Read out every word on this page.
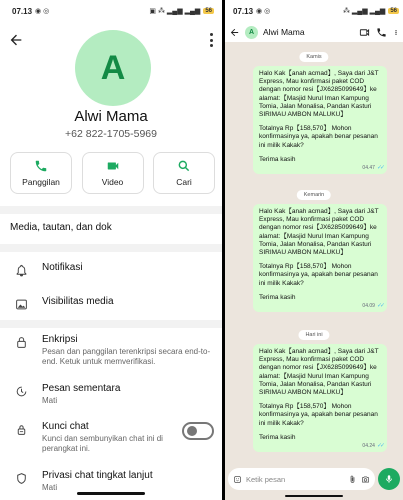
07.13 ◉ ◎	▣ ⁂ ▂▄▆ ▂▄▆ 56
A
Alwi Mama
+62 822-1705-5969
Panggilan	Video	Cari
Media, tautan, dan dok
Notifikasi
Visibilitas media
Enkripsi
Pesan dan panggilan terenkripsi secara end-to-end. Ketuk untuk memverifikasi.
Pesan sementara
Mati
Kunci chat
Kunci dan sembunyikan chat ini di perangkat ini.
Privasi chat tingkat lanjut
Mati
07.13 ◉ ◎	⁂ ▂▄▆ ▂▄▆ 56
A	Alwi Mama
Kamis

Halo Kak【anah acmad】, Saya dari J&T Express, Mau konfirmasi paket COD dengan nomor resi【JX6285099649】ke alamat:【Masjid Nurul Iman Kampung Tomia, Jalan Monalisa, Pandan Kasturi SIRIMAU AMBON MALUKU】

Totalnya Rp【158,570】 Mohon konfirmasinya ya, apakah benar pesanan ini milik Kakak?

Terima kasih

04.47 ✓✓
Kemarin

Halo Kak【anah acmad】, Saya dari J&T Express, Mau konfirmasi paket COD dengan nomor resi【JX6285099649】ke alamat:【Masjid Nurul Iman Kampung Tomia, Jalan Monalisa, Pandan Kasturi SIRIMAU AMBON MALUKU】

Totalnya Rp【158,570】 Mohon konfirmasinya ya, apakah benar pesanan ini milik Kakak?

Terima kasih

04.09 ✓✓
Hari ini

Halo Kak【anah acmad】, Saya dari J&T Express, Mau konfirmasi paket COD dengan nomor resi【JX6285099649】ke alamat:【Masjid Nurul Iman Kampung Tomia, Jalan Monalisa, Pandan Kasturi SIRIMAU AMBON MALUKU】

Totalnya Rp【158,570】 Mohon konfirmasinya ya, apakah benar pesanan ini milik Kakak?

Terima kasih

04.24 ✓✓
Ketik pesan
